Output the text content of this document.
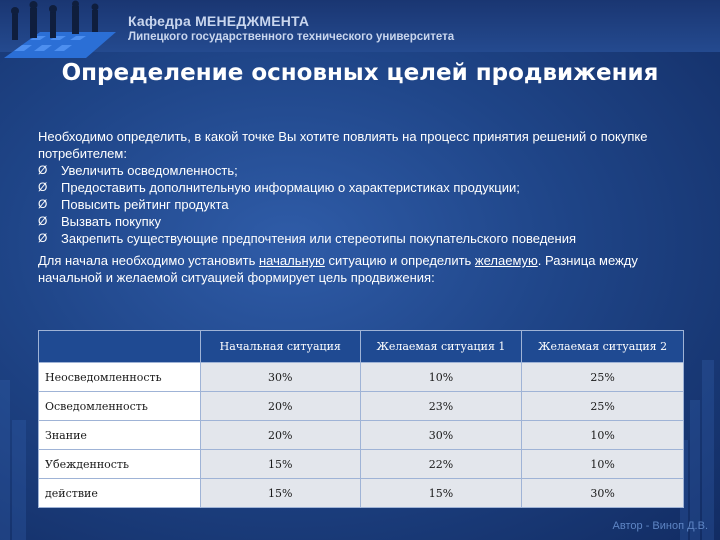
Кафедра МЕНЕДЖМЕНТА
Липецкого государственного технического университета
Определение основных целей продвижения

Необходимо определить, в какой точке Вы хотите повлиять на процесс принятия решений о покупке потребителем:

Ø Увеличить осведомленность;
Ø Предоставить дополнительную информацию о характеристиках продукции;
Ø Повысить рейтинг продукта
Ø Вызвать покупку
Ø Закрепить существующие предпочтения или стереотипы покупательского поведения

Для начала необходимо установить начальную ситуацию и определить желаемую. Разница между начальной и желаемой ситуацией формирует цель продвижения:

	Начальная ситуация	Желаемая ситуация 1	Желаемая ситуация 2
Неосведомленность	30%	10%	25%
Осведомленность	20%	23%	25%
Знание	20%	30%	10%
Убежденность	15%	22%	10%
действие	15%	15%	30%
Автор - Виноп Д.В.
